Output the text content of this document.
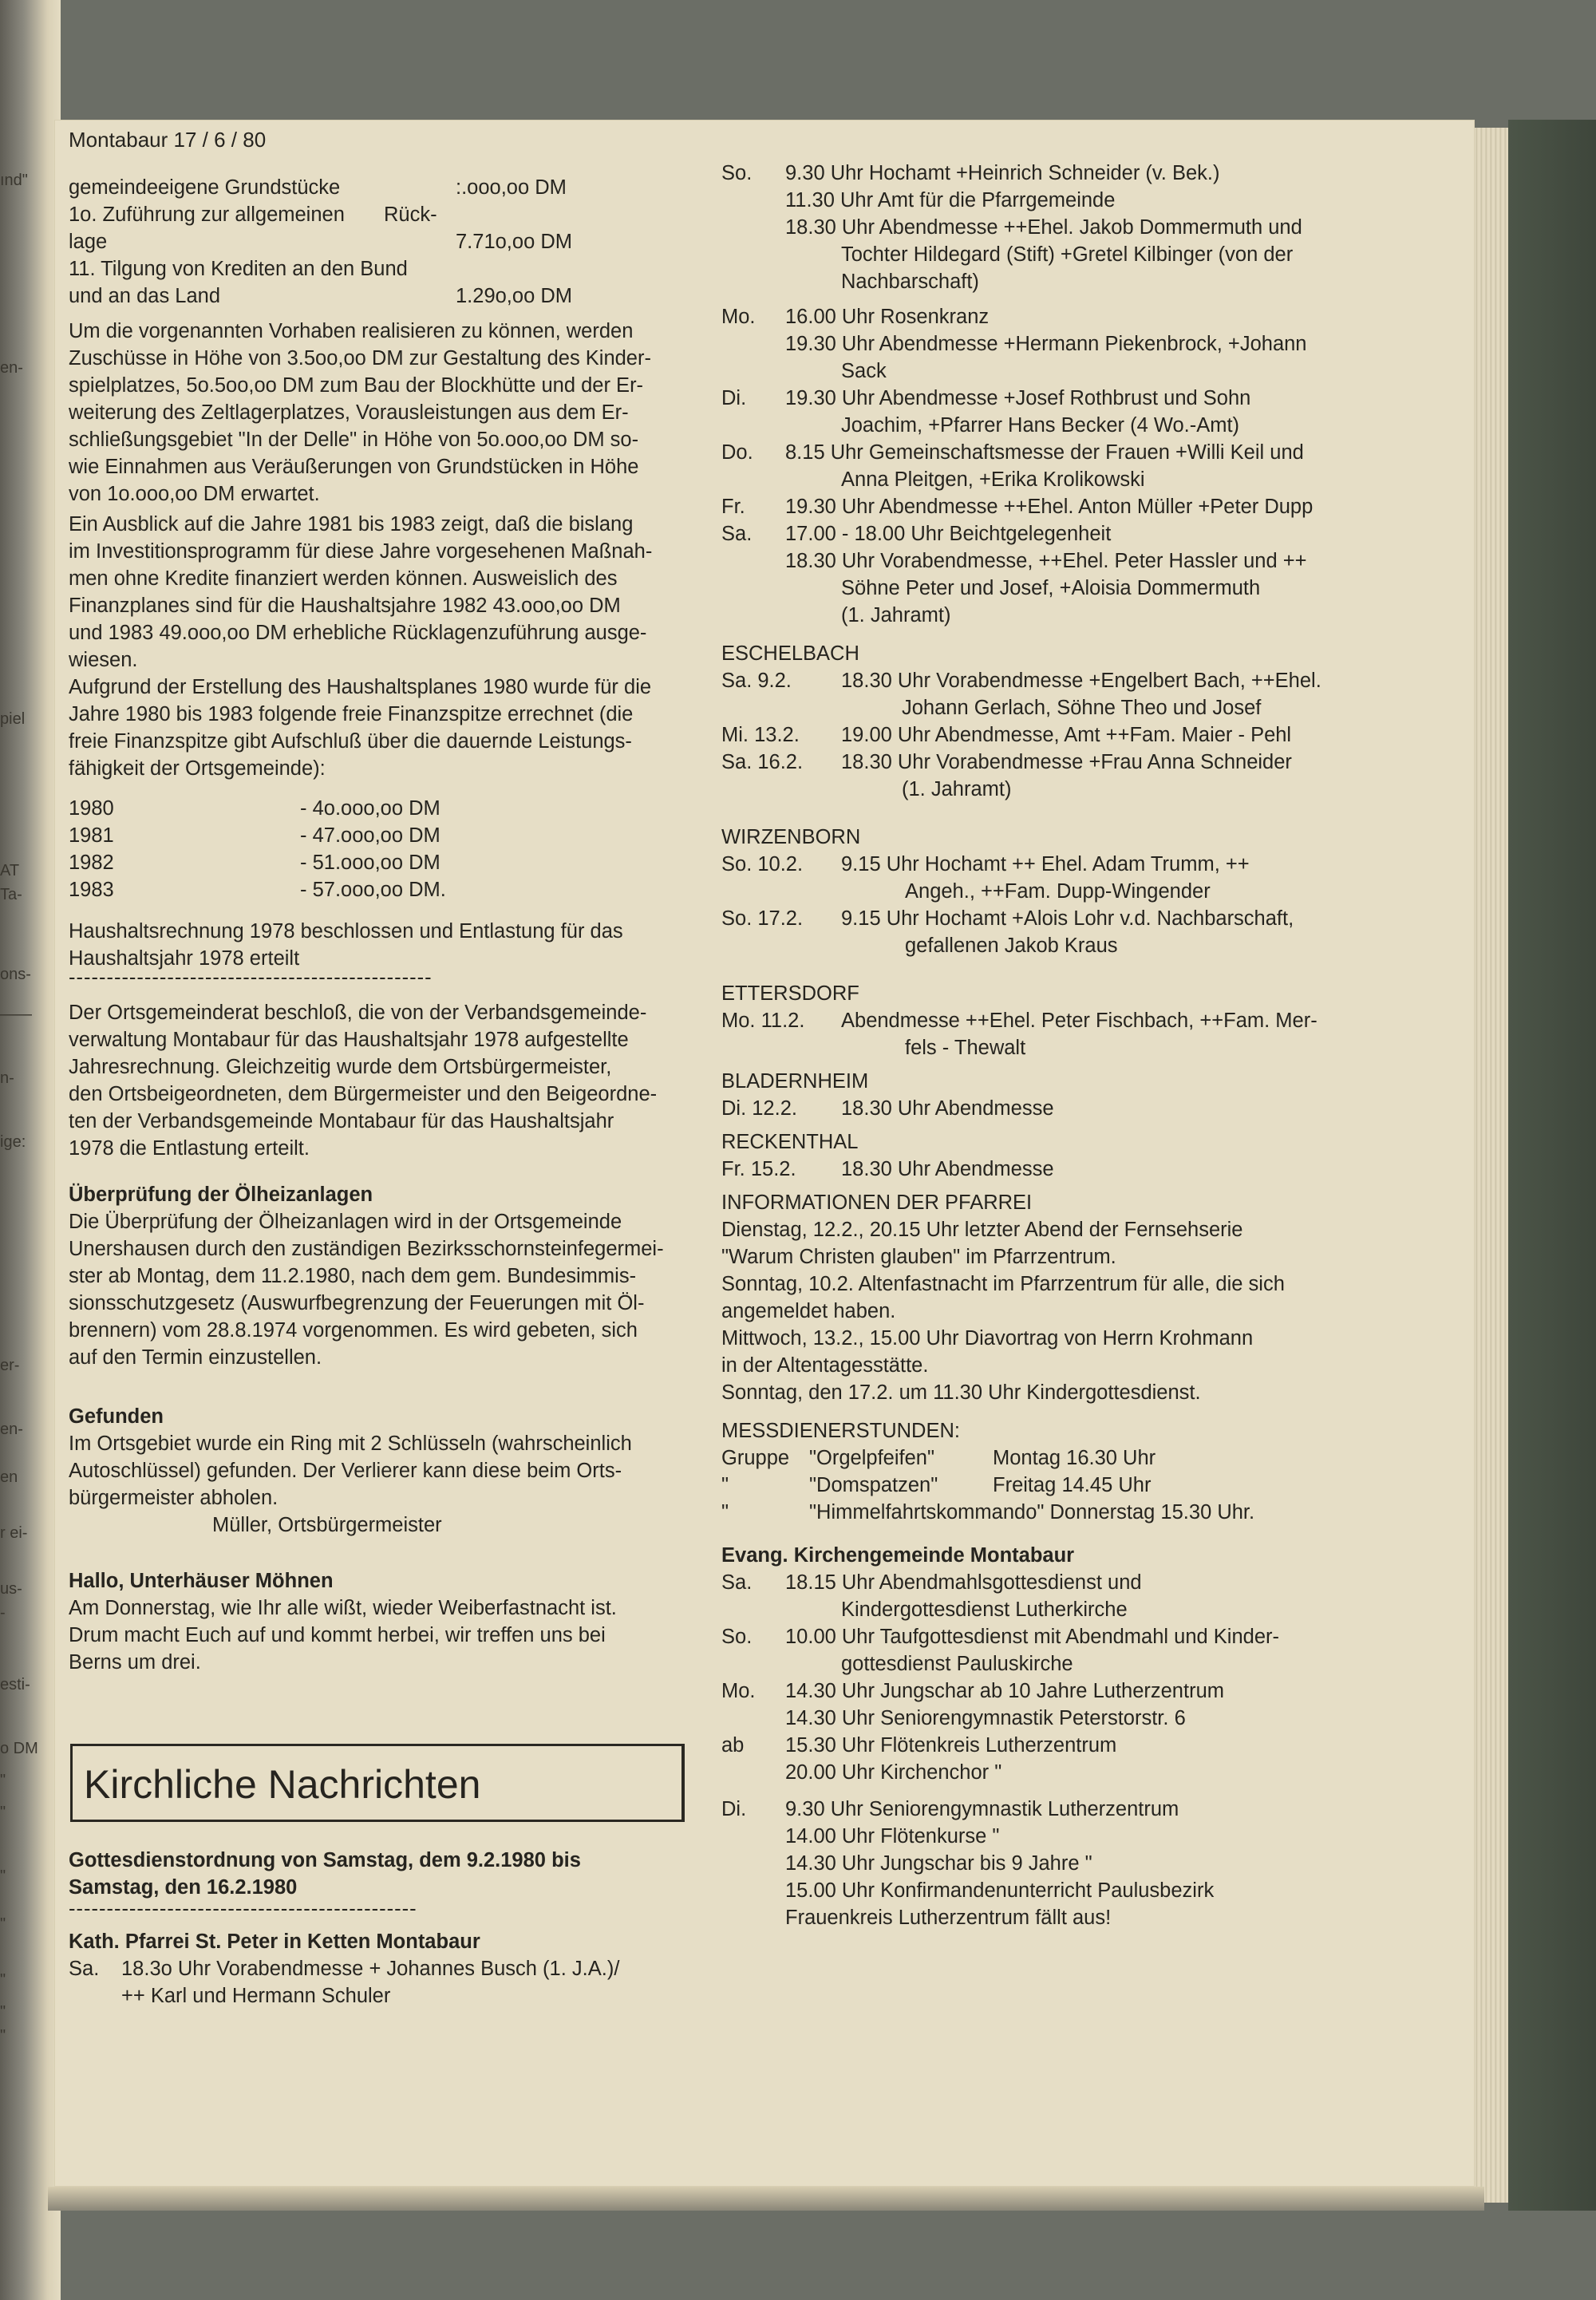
ınd"
en-
piel
AT
Ta-
ons-
——
n-
ige:
er-
en-
en
r ei-
us-
-
esti-
o DM
"
"
"
"
"
"
"
Montabaur 17 / 6 / 80
gemeindeeigene Grundstücke	:.ooo,oo DM
1o. Zuführung zur allgemeinen Rück-
lage	7.71o,oo DM
11. Tilgung von Krediten an den Bund
und an das Land	1.29o,oo DM
Um die vorgenannten Vorhaben realisieren zu können, werden
Zuschüsse in Höhe von 3.5oo,oo DM zur Gestaltung des Kinder-
spielplatzes, 5o.5oo,oo DM zum Bau der Blockhütte und der Er-
weiterung des Zeltlagerplatzes, Vorausleistungen aus dem Er-
schließungsgebiet "In der Delle" in Höhe von 5o.ooo,oo DM so-
wie Einnahmen aus Veräußerungen von Grundstücken in Höhe
von 1o.ooo,oo DM erwartet.
Ein Ausblick auf die Jahre 1981 bis 1983 zeigt, daß die bislang
im Investitionsprogramm für diese Jahre vorgesehenen Maßnah-
men ohne Kredite finanziert werden können. Ausweislich des
Finanzplanes sind für die Haushaltsjahre 1982 43.ooo,oo DM
und 1983 49.ooo,oo DM erhebliche Rücklagenzuführung ausge-
wiesen.
Aufgrund der Erstellung des Haushaltsplanes 1980 wurde für die
Jahre 1980 bis 1983 folgende freie Finanzspitze errechnet (die
freie Finanzspitze gibt Aufschluß über die dauernde Leistungs-
fähigkeit der Ortsgemeinde):
1980	- 4o.ooo,oo DM
1981	- 47.ooo,oo DM
1982	- 51.ooo,oo DM
1983	- 57.ooo,oo DM.
Haushaltsrechnung 1978 beschlossen und Entlastung für das
Haushaltsjahr 1978 erteilt
------------------------------------------------
Der Ortsgemeinderat beschloß, die von der Verbandsgemeinde-
verwaltung Montabaur für das Haushaltsjahr 1978 aufgestellte
Jahresrechnung. Gleichzeitig wurde dem Ortsbürgermeister,
den Ortsbeigeordneten, dem Bürgermeister und den Beigeordne-
ten der Verbandsgemeinde Montabaur für das Haushaltsjahr
1978 die Entlastung erteilt.
Überprüfung der Ölheizanlagen
Die Überprüfung der Ölheizanlagen wird in der Ortsgemeinde
Unershausen durch den zuständigen Bezirksschornsteinfegermei-
ster ab Montag, dem 11.2.1980, nach dem gem. Bundesimmis-
sionsschutzgesetz (Auswurfbegrenzung der Feuerungen mit Öl-
brennern) vom 28.8.1974 vorgenommen. Es wird gebeten, sich
auf den Termin einzustellen.
Gefunden
Im Ortsgebiet wurde ein Ring mit 2 Schlüsseln (wahrscheinlich
Autoschlüssel) gefunden. Der Verlierer kann diese beim Orts-
bürgermeister abholen.
Müller, Ortsbürgermeister
Hallo, Unterhäuser Möhnen
Am Donnerstag, wie Ihr alle wißt, wieder Weiberfastnacht ist.
Drum macht Euch auf und kommt herbei, wir treffen uns bei
Berns um drei.
Kirchliche Nachrichten
Gottesdienstordnung von Samstag, dem 9.2.1980 bis
Samstag, den 16.2.1980
----------------------------------------------
Kath. Pfarrei St. Peter in Ketten Montabaur
Sa. 18.3o Uhr Vorabendmesse + Johannes Busch (1. J.A.)/
++ Karl und Hermann Schuler
So. 9.30 Uhr Hochamt +Heinrich Schneider (v. Bek.)
11.30 Uhr Amt für die Pfarrgemeinde
18.30 Uhr Abendmesse ++Ehel. Jakob Dommermuth und
Tochter Hildegard (Stift) +Gretel Kilbinger (von der
Nachbarschaft)
Mo. 16.00 Uhr Rosenkranz
19.30 Uhr Abendmesse +Hermann Piekenbrock, +Johann
Sack
Di. 19.30 Uhr Abendmesse +Josef Rothbrust und Sohn
Joachim, +Pfarrer Hans Becker (4 Wo.-Amt)
Do. 8.15 Uhr Gemeinschaftsmesse der Frauen +Willi Keil und
Anna Pleitgen, +Erika Krolikowski
Fr. 19.30 Uhr Abendmesse ++Ehel. Anton Müller +Peter Dupp
Sa. 17.00 - 18.00 Uhr Beichtgelegenheit
18.30 Uhr Vorabendmesse, ++Ehel. Peter Hassler und ++
Söhne Peter und Josef, +Aloisia Dommermuth
(1. Jahramt)
ESCHELBACH
Sa. 9.2. 18.30 Uhr Vorabendmesse +Engelbert Bach, ++Ehel.
Johann Gerlach, Söhne Theo und Josef
Mi. 13.2. 19.00 Uhr Abendmesse, Amt ++Fam. Maier - Pehl
Sa. 16.2. 18.30 Uhr Vorabendmesse +Frau Anna Schneider
(1. Jahramt)
WIRZENBORN
So. 10.2. 9.15 Uhr Hochamt ++ Ehel. Adam Trumm, ++
Angeh., ++Fam. Dupp-Wingender
So. 17.2. 9.15 Uhr Hochamt +Alois Lohr v.d. Nachbarschaft,
gefallenen Jakob Kraus
ETTERSDORF
Mo. 11.2. Abendmesse ++Ehel. Peter Fischbach, ++Fam. Mer-
fels - Thewalt
BLADERNHEIM
Di. 12.2. 18.30 Uhr Abendmesse
RECKENTHAL
Fr. 15.2. 18.30 Uhr Abendmesse
INFORMATIONEN DER PFARREI
Dienstag, 12.2., 20.15 Uhr letzter Abend der Fernsehserie
"Warum Christen glauben" im Pfarrzentrum.
Sonntag, 10.2. Altenfastnacht im Pfarrzentrum für alle, die sich
angemeldet haben.
Mittwoch, 13.2., 15.00 Uhr Diavortrag von Herrn Krohmann
in der Altentagesstätte.
Sonntag, den 17.2. um 11.30 Uhr Kindergottesdienst.
MESSDIENERSTUNDEN:
Gruppe "Orgelpfeifen"	Montag 16.30 Uhr
"	"Domspatzen"	Freitag 14.45 Uhr
"	"Himmelfahrtskommando" Donnerstag 15.30 Uhr.
Evang. Kirchengemeinde Montabaur
Sa. 18.15 Uhr Abendmahlsgottesdienst und
Kindergottesdienst Lutherkirche
So. 10.00 Uhr Taufgottesdienst mit Abendmahl und Kinder-
gottesdienst Pauluskirche
Mo. 14.30 Uhr Jungschar ab 10 Jahre Lutherzentrum
14.30 Uhr Seniorengymnastik Peterstorstr. 6
ab 15.30 Uhr Flötenkreis Lutherzentrum
20.00 Uhr Kirchenchor "
Di. 9.30 Uhr Seniorengymnastik Lutherzentrum
14.00 Uhr Flötenkurse "
14.30 Uhr Jungschar bis 9 Jahre "
15.00 Uhr Konfirmandenunterricht Paulusbezirk
Frauenkreis Lutherzentrum fällt aus!
